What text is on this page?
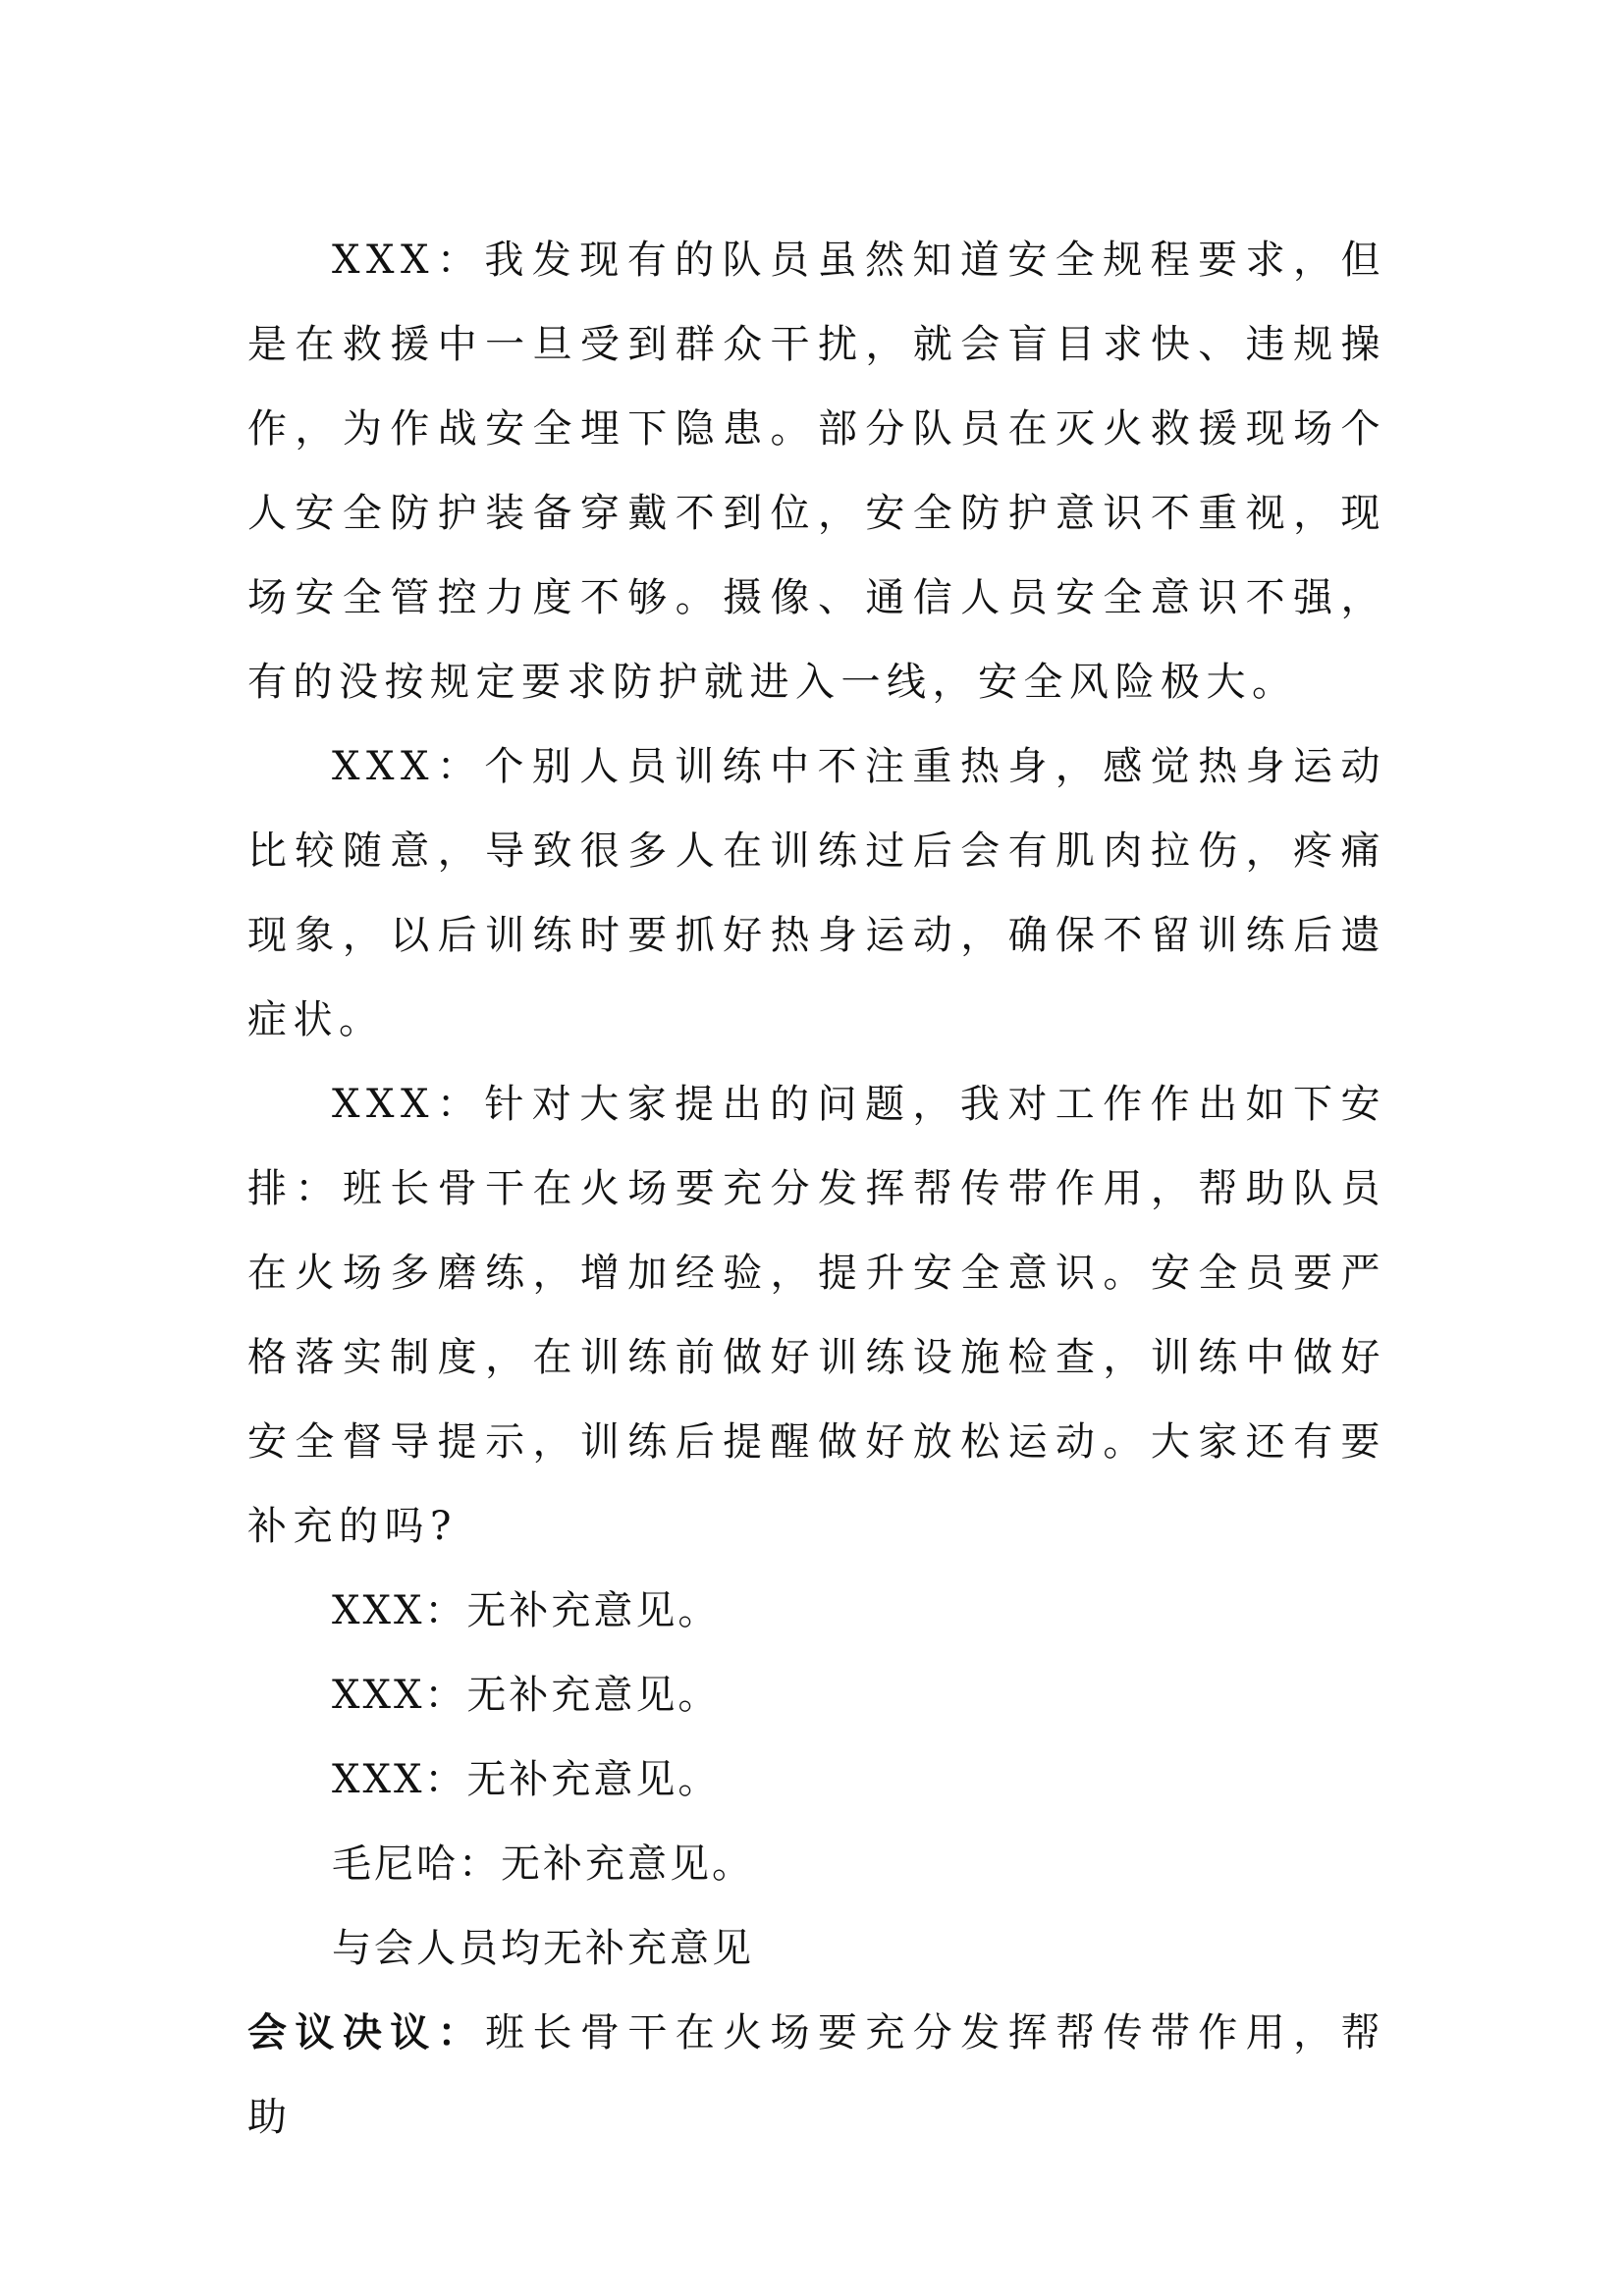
XXX：我发现有的队员虽然知道安全规程要求，但是在救援中一旦受到群众干扰，就会盲目求快、违规操作，为作战安全埋下隐患。部分队员在灭火救援现场个人安全防护装备穿戴不到位，安全防护意识不重视，现场安全管控力度不够。摄像、通信人员安全意识不强，有的没按规定要求防护就进入一线，安全风险极大。

XXX：个别人员训练中不注重热身，感觉热身运动比较随意，导致很多人在训练过后会有肌肉拉伤，疼痛现象，以后训练时要抓好热身运动，确保不留训练后遗症状。

XXX：针对大家提出的问题，我对工作作出如下安排：班长骨干在火场要充分发挥帮传带作用，帮助队员在火场多磨练，增加经验，提升安全意识。安全员要严格落实制度，在训练前做好训练设施检查，训练中做好安全督导提示，训练后提醒做好放松运动。大家还有要补充的吗?

XXX：无补充意见。

XXX：无补充意见。

XXX：无补充意见。

毛尼哈：无补充意见。

与会人员均无补充意见

会议决议：班长骨干在火场要充分发挥帮传带作用，帮助
